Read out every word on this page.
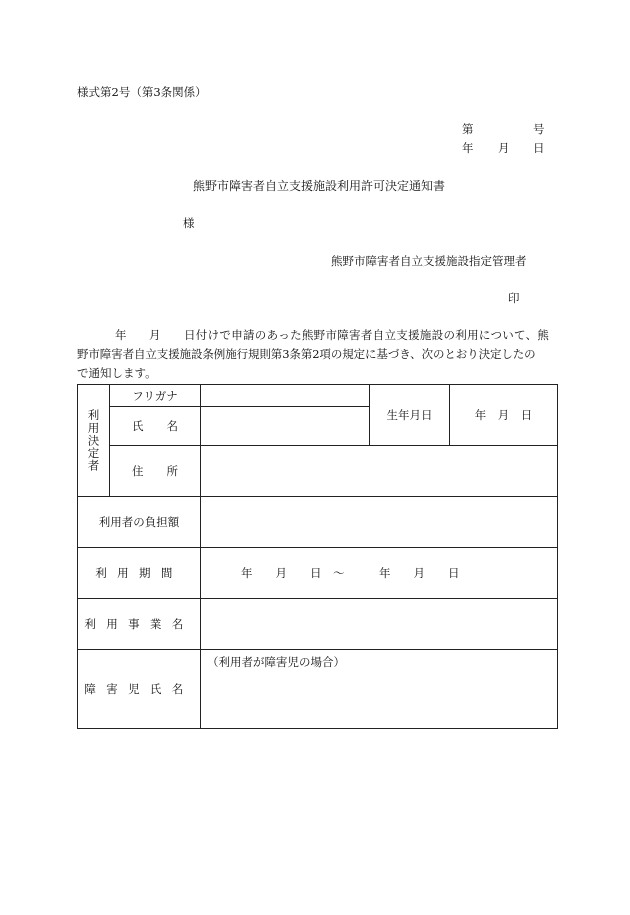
様式第2号（第3条関係）
第	号
年 月 日
熊野市障害者自立支援施設利用許可決定通知書
様
熊野市障害者自立支援施設指定管理者
印
年 月 日付けで申請のあった熊野市障害者自立支援施設の利用について、熊
野市障害者自立支援施設条例施行規則第3条第2項の規定に基づき、次のとおり決定したの
で通知します。
利用決定者	フリガナ		生年月日	年　月　日
	氏　　名			
	住　　所			
利用者の負担額				
利用期間		年　　月　　日　～　　　年　　月　　日		
利用事業名				
障害児氏名		（利用者が障害児の場合）		
